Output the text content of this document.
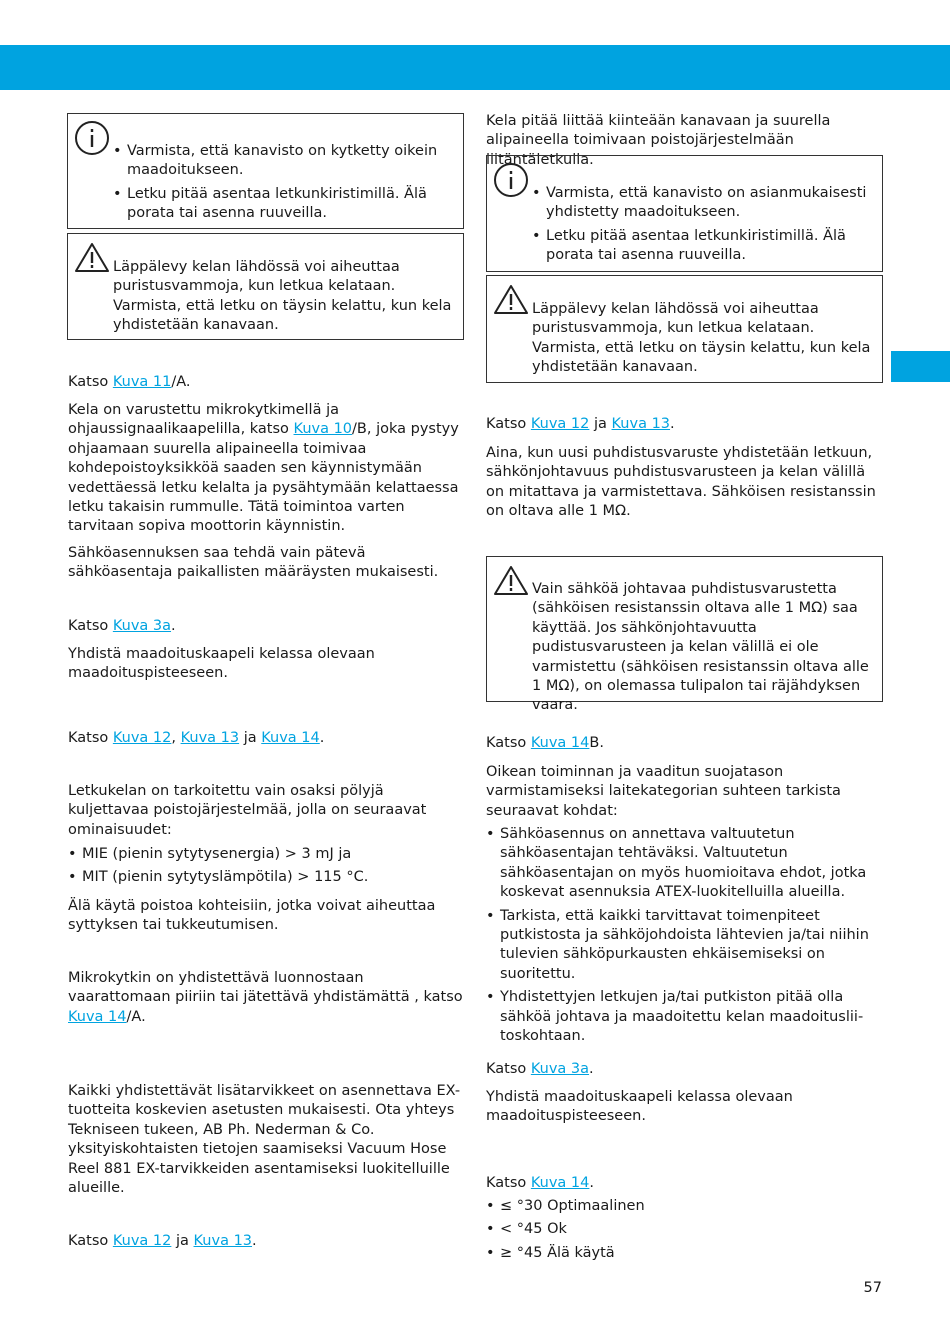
• Varmista, että kanavisto on kytketty oikein maadoitukseen.
• Letku pitää asentaa letkunkiristimillä. Älä porata tai asenna ruuveilla.

Läppälevy kelan lähdössä voi aiheuttaa puristusvammoja, kun letkua kelataan. Varmista, että letku on täysin kelattu, kun kela yhdistetään kanavaan.

Katso Kuva 11/A.

Kela on varustettu mikrokytkimellä ja ohjaussignaalikaapelilla, katso Kuva 10/B, joka pystyy ohjaamaan suurella alipaineella toimivaa kohdepoistoyksikköä saaden sen käynnistymään vedettäessä letku kelalta ja pysähtymään kelattaessa letku takaisin rummulle. Tätä toimintoa varten tarvitaan sopiva moottorin käynnistin.

Sähköasennuksen saa tehdä vain pätevä sähköasentaja paikallisten määräysten mukaisesti.

Katso Kuva 3a.

Yhdistä maadoituskaapeli kelassa olevaan maadoituspisteeseen.

Katso Kuva 12, Kuva 13 ja Kuva 14.

Letkukelan on tarkoitettu vain osaksi pölyjä kuljettavaa poistojärjestelmää, jolla on seuraavat ominaisuudet:

• MIE (pienin sytytysenergia) > 3 mJ ja
• MIT (pienin sytytyslämpötila) > 115 °C.

Älä käytä poistoa kohteisiin, jotka voivat aiheuttaa syttyksen tai tukkeutumisen.

Mikrokytkin on yhdistettävä luonnostaan vaarattomaan piiriin tai jätettävä yhdistämättä , katso Kuva 14/A.

Kaikki yhdistettävät lisätarvikkeet on asennettava EX-tuotteita koskevien asetusten mukaisesti. Ota yhteys Tekniseen tukeen, AB Ph. Nederman & Co. yksityiskohtaisten tietojen saamiseksi Vacuum Hose Reel 881 EX-tarvikkeiden asentamiseksi luokitelluille alueille.

Katso Kuva 12 ja Kuva 13.

Kela pitää liittää kiinteään kanavaan ja suurella alipaineella toimivaan poistojärjestelmään liitäntäletkulla.

• Varmista, että kanavisto on asianmukaisesti yhdistetty maadoitukseen.
• Letku pitää asentaa letkunkiristimillä. Älä porata tai asenna ruuveilla.

Läppälevy kelan lähdössä voi aiheuttaa puristusvammoja, kun letkua kelataan. Varmista, että letku on täysin kelattu, kun kela yhdistetään kanavaan.

Katso Kuva 12 ja Kuva 13.

Aina, kun uusi puhdistusvaruste yhdistetään letkuun, sähkönjohtavuus puhdistusvarusteen ja kelan välillä on mitattava ja varmistettava. Sähköisen resistanssin on oltava alle 1 MΩ.

Vain sähköä johtavaa puhdistusvarustetta (sähköisen resistanssin oltava alle 1 MΩ) saa käyttää. Jos sähkönjohtavuutta pudistusvarusteen ja kelan välillä ei ole varmistettu (sähköisen resistanssin oltava alle 1 MΩ), on olemassa tulipalon tai räjähdyksen vaara.

Katso Kuva 14B.

Oikean toiminnan ja vaaditun suojatason varmistamiseksi laitekategorian suhteen tarkista seuraavat kohdat:

• Sähköasennus on annettava valtuutetun sähköasentajan tehtäväksi. Valtuutetun sähköasentajan on myös huomioitava ehdot, jotka koskevat asennuksia ATEX-luokitelluilla alueilla.
• Tarkista, että kaikki tarvittavat toimenpiteet putkistosta ja sähköjohdoista lähtevien ja/tai niihin tulevien sähköpurkausten ehkäisemiseksi on suoritettu.
• Yhdistettyjen letkujen ja/tai putkiston pitää olla sähköä johtava ja maadoitettu kelan maadoitusliitoskohtaan.

Katso Kuva 3a.

Yhdistä maadoituskaapeli kelassa olevaan maadoituspisteeseen.

Katso Kuva 14.

• ≤ °30 Optimaalinen
• < °45 Ok
• ≥ °45 Älä käytä
57
